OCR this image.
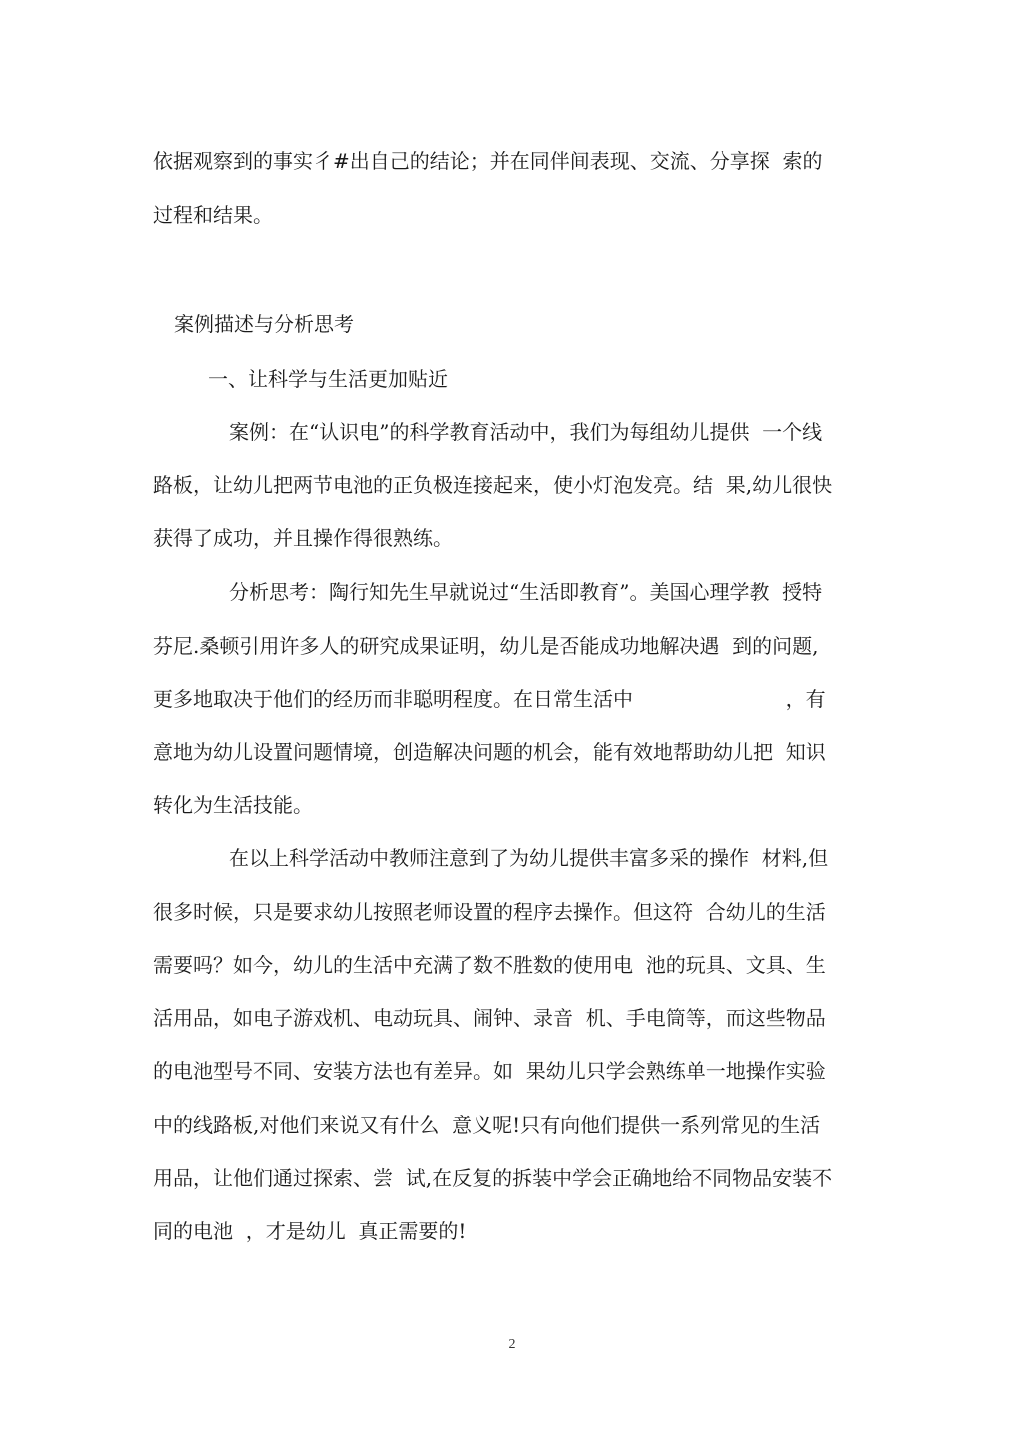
依据观察到的事实彳#出自己的结论；并在同伴间表现、交流、分享探  索的

过程和结果。

案例描述与分析思考

一、让科学与生活更加贴近

案例：在“认识电”的科学教育活动中，我们为每组幼儿提供  一个线

路板，让幼儿把两节电池的正负极连接起来，使小灯泡发亮。结  果,幼儿很快

获得了成功，并且操作得很熟练。

分析思考：陶行知先生早就说过“生活即教育”。美国心理学教  授特

芬尼.桑顿引用许多人的研究成果证明，幼儿是否能成功地解决遇  到的问题,

更多地取决于他们的经历而非聪明程度。在日常生活中                        ，有

意地为幼儿设置问题情境，创造解决问题的机会，能有效地帮助幼儿把  知识

转化为生活技能。

在以上科学活动中教师注意到了为幼儿提供丰富多采的操作  材料,但

很多时候，只是要求幼儿按照老师设置的程序去操作。但这符  合幼儿的生活

需要吗？如今，幼儿的生活中充满了数不胜数的使用电  池的玩具、文具、生

活用品，如电子游戏机、电动玩具、闹钟、录音  机、手电筒等，而这些物品

的电池型号不同、安装方法也有差异。如  果幼儿只学会熟练单一地操作实验

中的线路板,对他们来说又有什么  意义呢!只有向他们提供一系列常见的生活

用品，让他们通过探索、尝  试,在反复的拆装中学会正确地给不同物品安装不

同的电池  ，才是幼儿  真正需要的!

2
